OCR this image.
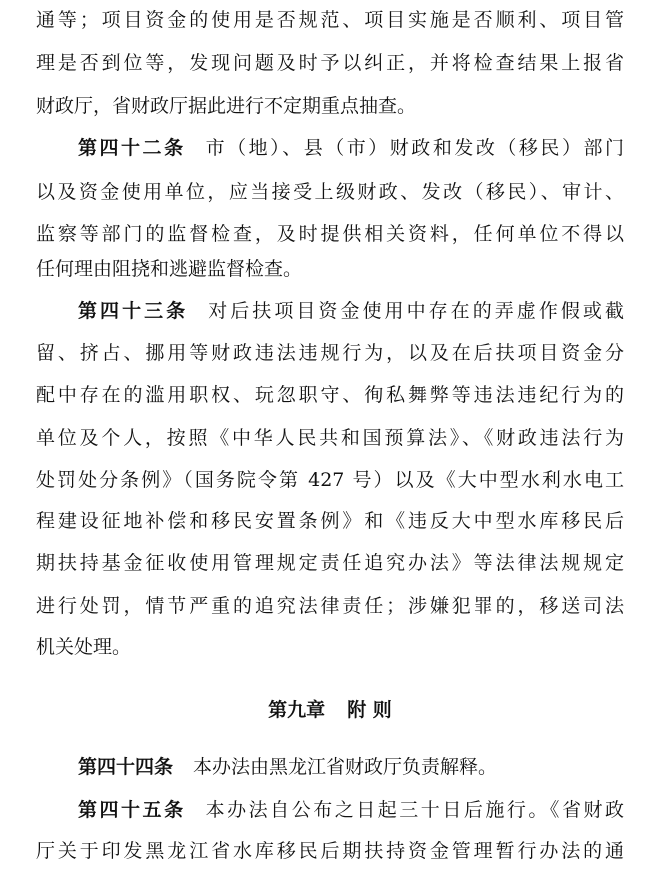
通等；项目资金的使用是否规范、项目实施是否顺利、项目管
理是否到位等，发现问题及时予以纠正，并将检查结果上报省
财政厅，省财政厅据此进行不定期重点抽查。
第四十二条 市（地）、县（市）财政和发改（移民）部门
以及资金使用单位，应当接受上级财政、发改（移民）、审计、
监察等部门的监督检查，及时提供相关资料，任何单位不得以
任何理由阻挠和逃避监督检查。
第四十三条 对后扶项目资金使用中存在的弄虚作假或截
留、挤占、挪用等财政违法违规行为，以及在后扶项目资金分
配中存在的滥用职权、玩忽职守、徇私舞弊等违法违纪行为的
单位及个人，按照《中华人民共和国预算法》、《财政违法行为
处罚处分条例》（国务院令第 427 号）以及《大中型水利水电工
程建设征地补偿和移民安置条例》和《违反大中型水库移民后
期扶持基金征收使用管理规定责任追究办法》等法律法规规定
进行处罚，情节严重的追究法律责任；涉嫌犯罪的，移送司法
机关处理。
第九章 附 则
第四十四条 本办法由黑龙江省财政厅负责解释。
第四十五条 本办法自公布之日起三十日后施行。《省财政
厅关于印发黑龙江省水库移民后期扶持资金管理暂行办法的通
